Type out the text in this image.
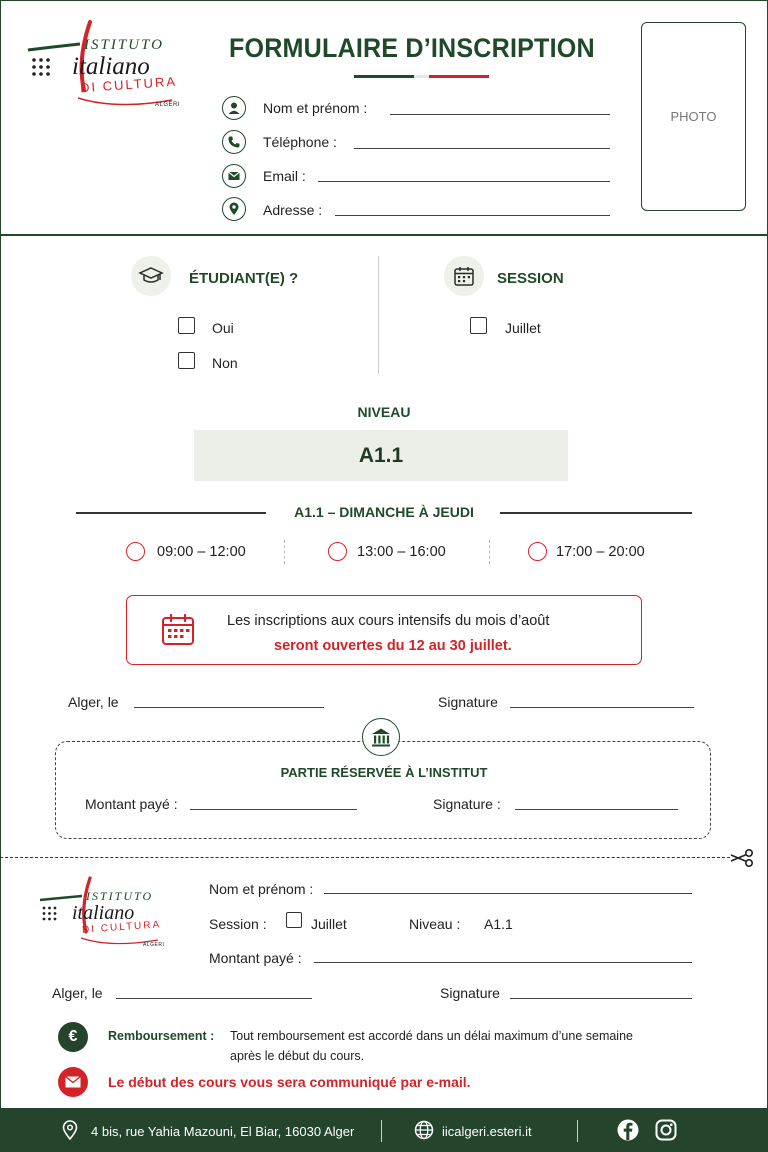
ISTITUTO
italiano
DI CULTURA
ALGERI
FORMULAIRE D’INSCRIPTION
Nom et prénom :
Téléphone :
Email :
Adresse :
PHOTO
ÉTUDIANT(E) ?
Oui
Non
SESSION
Juillet
NIVEAU
A1.1
A1.1 – DIMANCHE À JEUDI
09:00 – 12:00	13:00 – 16:00	17:00 – 20:00
Les inscriptions aux cours intensifs du mois d’août
seront ouvertes du 12 au 30 juillet.
Alger, le	Signature
PARTIE RÉSERVÉE À L’INSTITUT
Montant payé :	Signature :
ISTITUTO
italiano
DI CULTURA
ALGERI
Nom et prénom :
Session :	Juillet	Niveau : A1.1
Montant payé :
Alger, le	Signature
€	Remboursement : Tout remboursement est accordé dans un délai maximum d’une semaine
après le début du cours.
Le début des cours vous sera communiqué par e-mail.
4 bis, rue Yahia Mazouni, El Biar, 16030 Alger	iicalgeri.esteri.it
